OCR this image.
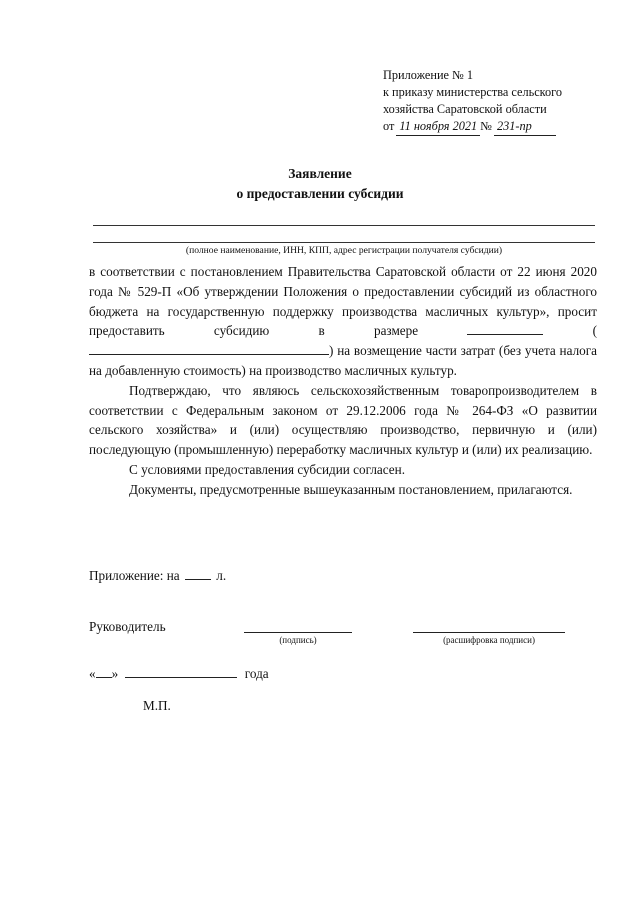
Приложение № 1
к приказу министерства сельского
хозяйства Саратовской области
от 11 ноября 2021 № 231-пр
Заявление
о предоставлении субсидии
(полное наименование, ИНН, КПП, адрес регистрации получателя субсидии)

в соответствии с постановлением Правительства Саратовской области от 22 июня 2020 года № 529-П «Об утверждении Положения о предоставлении субсидий из областного бюджета на государственную поддержку производства масличных культур», просит предоставить субсидию в размере	() на возмещение части затрат (без учета налога на добавленную стоимость) на производство масличных культур.

Подтверждаю, что являюсь сельскохозяйственным товаропроизводителем в соответствии с Федеральным законом от 29.12.2006 года № 264-ФЗ «О развитии сельского хозяйства» и (или) осуществляю производство, первичную и (или) последующую (промышленную) переработку масличных культур и (или) их реализацию.

С условиями предоставления субсидии согласен.

Документы, предусмотренные вышеуказанным постановлением, прилагаются.

Приложение: на	л.
Руководитель
(подпись)	(расшифровка подписи)
« »	года
М.П.
